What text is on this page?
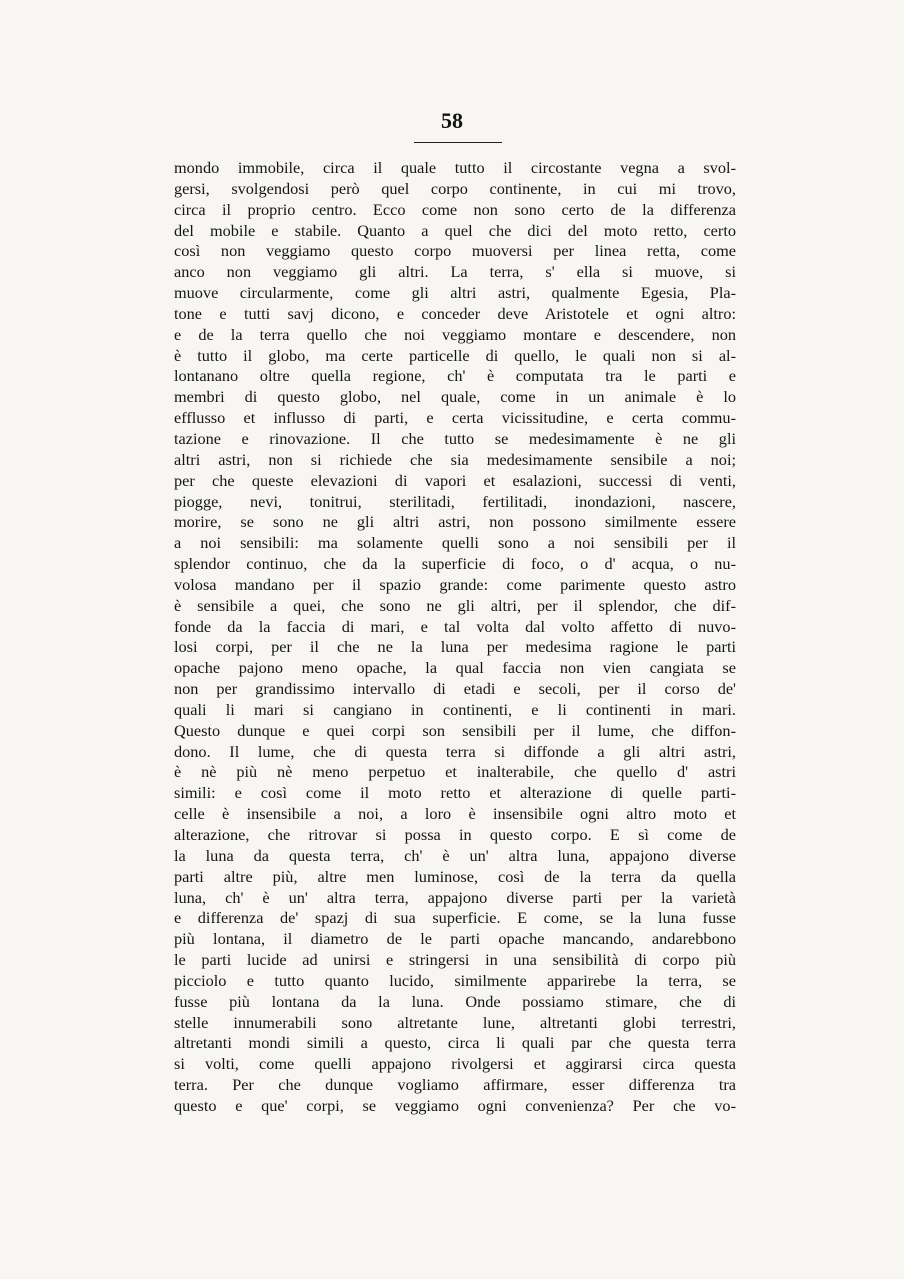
58
mondo immobile, circa il quale tutto il circostante vegna a svol-
gersi, svolgendosi però quel corpo continente, in cui mi trovo,
circa il proprio centro. Ecco come non sono certo de la differenza
del mobile e stabile. Quanto a quel che dici del moto retto, certo
così non veggiamo questo corpo muoversi per linea retta, come
anco non veggiamo gli altri. La terra, s' ella si muove, si
muove circularmente, come gli altri astri, qualmente Egesia, Pla-
tone e tutti savj dicono, e conceder deve Aristotele et ogni altro:
e de la terra quello che noi veggiamo montare e descendere, non
è tutto il globo, ma certe particelle di quello, le quali non si al-
lontanano oltre quella regione, ch' è computata tra le parti e
membri di questo globo, nel quale, come in un animale è lo
efflusso et influsso di parti, e certa vicissitudine, e certa commu-
tazione e rinovazione. Il che tutto se medesimamente è ne gli
altri astri, non si richiede che sia medesimamente sensibile a noi;
per che queste elevazioni di vapori et esalazioni, successi di venti,
piogge, nevi, tonitrui, sterilitadi, fertilitadi, inondazioni, nascere,
morire, se sono ne gli altri astri, non possono similmente essere
a noi sensibili: ma solamente quelli sono a noi sensibili per il
splendor continuo, che da la superficie di foco, o d' acqua, o nu-
volosa mandano per il spazio grande: come parimente questo astro
è sensibile a quei, che sono ne gli altri, per il splendor, che dif-
fonde da la faccia di mari, e tal volta dal volto affetto di nuvo-
losi corpi, per il che ne la luna per medesima ragione le parti
opache pajono meno opache, la qual faccia non vien cangiata se
non per grandissimo intervallo di etadi e secoli, per il corso de'
quali li mari si cangiano in continenti, e li continenti in mari.
Questo dunque e quei corpi son sensibili per il lume, che diffon-
dono. Il lume, che di questa terra si diffonde a gli altri astri,
è nè più nè meno perpetuo et inalterabile, che quello d' astri
simili: e così come il moto retto et alterazione di quelle parti-
celle è insensibile a noi, a loro è insensibile ogni altro moto et
alterazione, che ritrovar si possa in questo corpo. E sì come de
la luna da questa terra, ch' è un' altra luna, appajono diverse
parti altre più, altre men luminose, così de la terra da quella
luna, ch' è un' altra terra, appajono diverse parti per la varietà
e differenza de' spazj di sua superficie. E come, se la luna fusse
più lontana, il diametro de le parti opache mancando, andarebbono
le parti lucide ad unirsi e stringersi in una sensibilità di corpo più
picciolo e tutto quanto lucido, similmente apparirebe la terra, se
fusse più lontana da la luna. Onde possiamo stimare, che di
stelle innumerabili sono altretante lune, altretanti globi terrestri,
altretanti mondi simili a questo, circa li quali par che questa terra
si volti, come quelli appajono rivolgersi et aggirarsi circa questa
terra. Per che dunque vogliamo affirmare, esser differenza tra
questo e que' corpi, se veggiamo ogni convenienza? Per che vo-
